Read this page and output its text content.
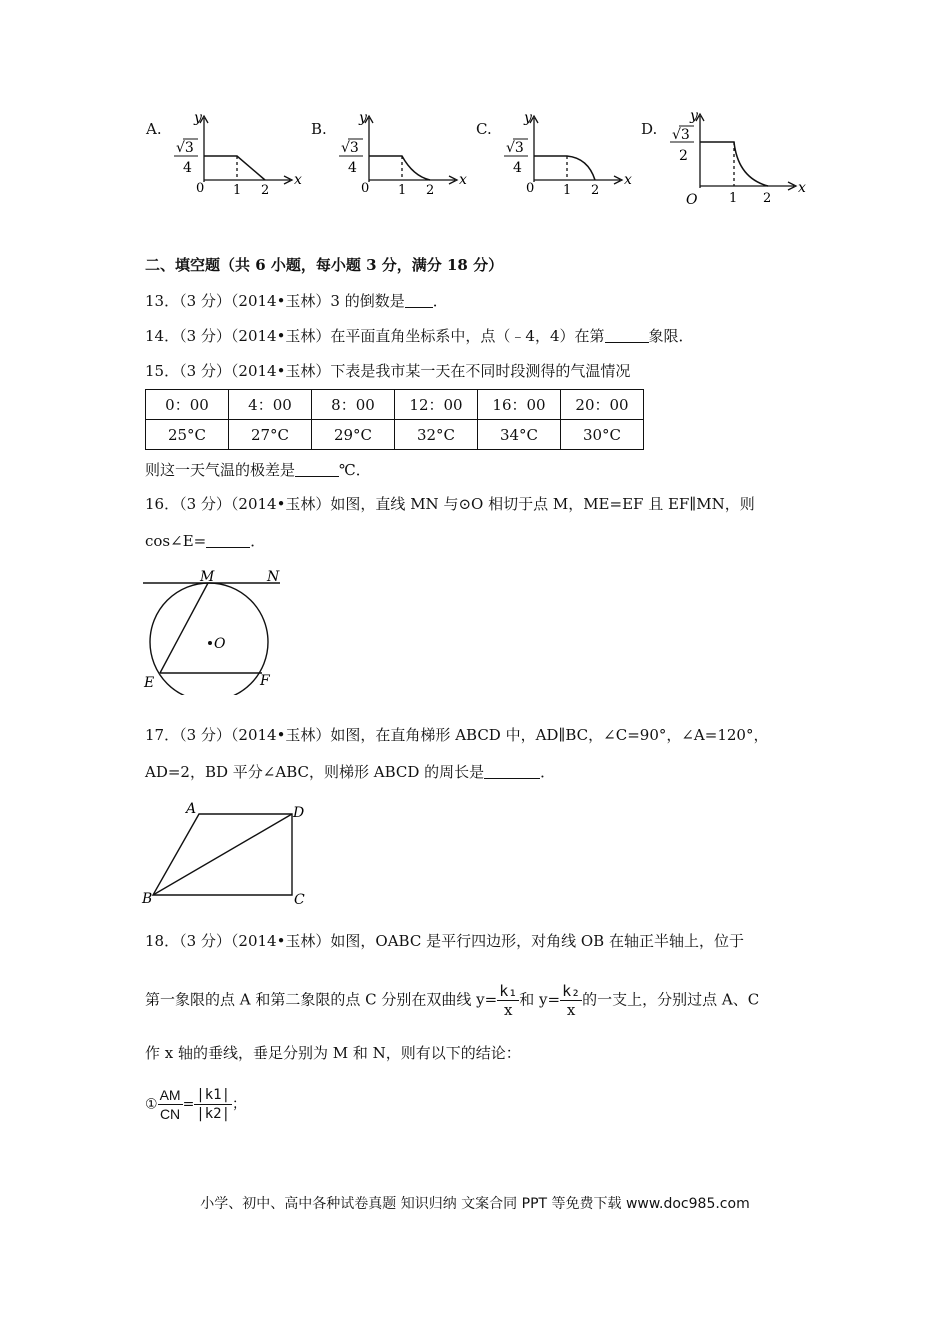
A.	B.	C.	D.
y
x
√3
4
0 1 2
y
x
√3
4
0 1 2
y
x
√3
4
0 1 2
y
x
√3
2
O 1 2
二、填空题（共 6 小题，每小题 3 分，满分 18 分）
13．（3 分）（2014•玉林）3 的倒数是 ．
14．（3 分）（2014•玉林）在平面直角坐标系中，点（﹣4，4）在第	象限．
15．（3 分）（2014•玉林）下表是我市某一天在不同时段测得的气温情况
0：00	4：00	8：00	12：00	16：00	20：00
25°C	27°C	29°C	32°C	34°C	30°C
则这一天气温的极差是	℃．
16．（3 分）（2014•玉林）如图，直线 MN 与⊙O 相切于点 M，ME=EF 且 EF∥MN，则
cos∠E=	．
M	N
O
E	F
17．（3 分）（2014•玉林）如图，在直角梯形 ABCD 中，AD∥BC，∠C=90°，∠A=120°，
AD=2，BD 平分∠ABC，则梯形 ABCD 的周长是	．
A	D
B	C
18．（3 分）（2014•玉林）如图，OABC 是平行四边形，对角线 OB 在轴正半轴上，位于
第一象限的点 A 和第二象限的点 C 分别在双曲线 $y= \frac{\text{k₁}}{x}$ 和 $y= \frac{\text{k₂}}{x}$ 的一支上，分别过点 A、C
作 x 轴的垂线，垂足分别为 M 和 N，则有以下的结论：
① $\frac{AM}{CN} = \frac{|k1|}{|k2|}$ ；
小学、初中、高中各种试卷真题 知识归纳 文案合同 PPT 等免费下载 www.doc985.com
